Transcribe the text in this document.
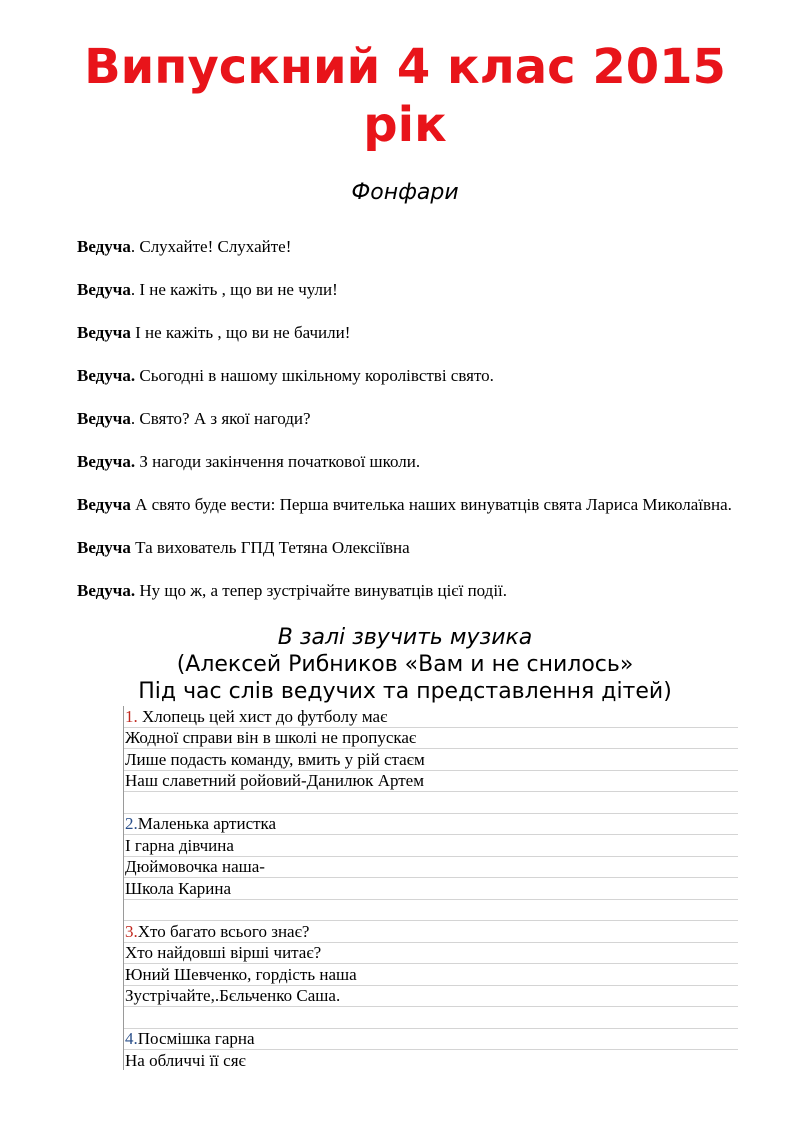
Випускний 4 клас 2015
рік

Фонфари

Ведуча. Слухайте! Слухайте!

Ведуча. І не кажіть , що ви не чули!

Ведуча І не кажіть , що ви не бачили!

Ведуча. Сьогодні в нашому шкільному королівстві свято.

Ведуча. Свято? А з якої нагоди?

Ведуча. З нагоди закінчення початкової школи.

Ведуча А свято буде вести: Перша вчителька наших винуватців свята Лариса Миколаївна.

Ведуча Та вихователь ГПД Тетяна Олексіївна

Ведуча. Ну що ж, а тепер зустрічайте винуватців цієї події.

В залі звучить музика
(Алексей Рибников «Вам и не снилось»
Під час слів ведучих та представлення дітей)
1.
Хлопець цей хист до футболу має
Жодної справи він в школі не пропускає
Лише подасть команду, вмить у рій стаєм
Наш славетний ройовий-Данилюк Артем
2. Маленька артистка
І гарна дівчина
Дюймовочка наша-
Школа Карина
3. Хто багато всього знає?
Хто найдовші вірші читає?
Юний Шевченко, гордість наша
Зустрічайте,.Бєльченко Саша.
4. Посмішка гарна
На обличчі її сяє
